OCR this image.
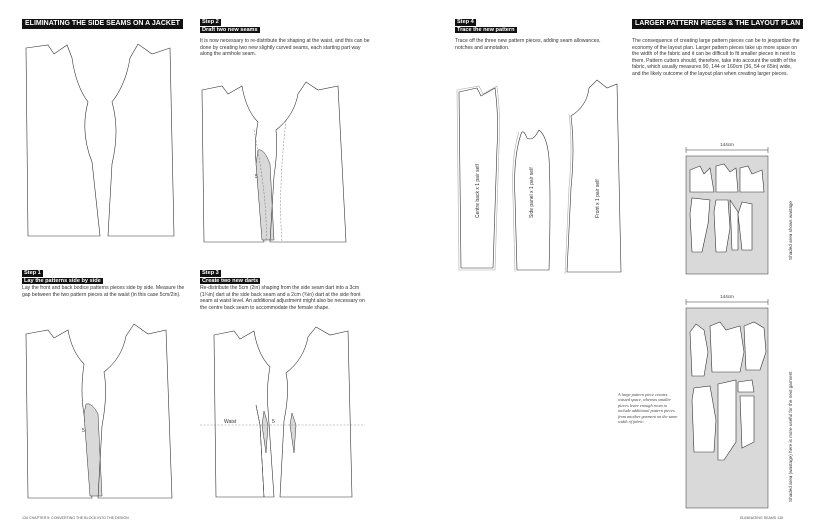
ELIMINATING THE SIDE SEAMS ON A JACKET	Step 2
Draft two new seams
It is now necessary to re-distribute the shaping at the waist, and this can be done by creating two new slightly curved seams, each starting part way along the armhole seam.
5
Step 1
Lay the patterns side by side
Lay the front and back bodice patterns pieces side by side. Measure the gap between the two pattern pieces at the waist (in this case 5cm/2in).
5
Step 3
Create two new darts
Re-distribute the 5cm (2in) shaping from the side seam dart into a 3cm (1¼in) dart at the side back seam and a 2cm (¾in) dart at the side front seam at waist level. An additional adjustment might also be necessary on the centre back seam to accommodate the female shape.
Waist	5
134 CHAPTER 5: CONVERTING THE BLOCK INTO THE DESIGN
Step 4
Trace the new pattern
Trace off the three new pattern pieces, adding seam allowances, notches and annotation.
Centre back x 1 pair self	Side panel x 1 pair self	Front x 1 pair self
LARGER PATTERN PIECES & THE LAYOUT PLAN
The consequence of creating large pattern pieces can be to jeopardize the economy of the layout plan. Larger pattern pieces take up more space on the width of the fabric and it can be difficult to fit smaller pieces in next to them. Pattern cutters should, therefore, take into account the width of the fabric, which usually measures 90, 144 or 160cm (36, 54 or 65in) wide, and the likely outcome of the layout plan when creating larger pieces.
144cm
Shaded area shows wastage
144cm
Shaded area (wastage) here is more useful for the next garment
A large pattern piece creates wasted space, whereas smaller pieces leave enough room to include additional pattern pieces from another garment on the same width of fabric.
ELIMINATING SEAMS 135
